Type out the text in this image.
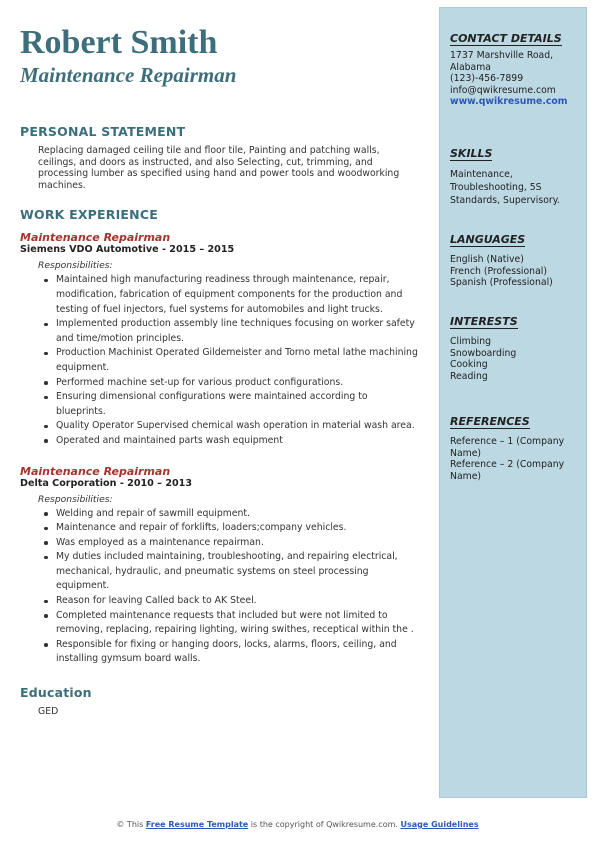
Robert Smith
Maintenance Repairman
PERSONAL STATEMENT

Replacing damaged ceiling tile and floor tile, Painting and patching walls, ceilings, and doors as instructed, and also Selecting, cut, trimming, and processing lumber as specified using hand and power tools and woodworking machines.

WORK EXPERIENCE

Maintenance Repairman

Siemens VDO Automotive - 2015 – 2015

Responsibilities:

Maintained high manufacturing readiness through maintenance, repair, modification, fabrication of equipment components for the production and testing of fuel injectors, fuel systems for automobiles and light trucks.
Implemented production assembly line techniques focusing on worker safety and time/motion principles.
Production Machinist Operated Gildemeister and Torno metal lathe machining equipment.
Performed machine set-up for various product configurations.
Ensuring dimensional configurations were maintained according to blueprints.
Quality Operator Supervised chemical wash operation in material wash area.
Operated and maintained parts wash equipment

Maintenance Repairman

Delta Corporation - 2010 – 2013

Responsibilities:

Welding and repair of sawmill equipment.
Maintenance and repair of forklifts, loaders;company vehicles.
Was employed as a maintenance repairman.
My duties included maintaining, troubleshooting, and repairing electrical, mechanical, hydraulic, and pneumatic systems on steel processing equipment.
Reason for leaving Called back to AK Steel.
Completed maintenance requests that included but were not limited to removing, replacing, repairing lighting, wiring swithes, receptical within the .
Responsible for fixing or hanging doors, locks, alarms, floors, ceiling, and installing gymsum board walls.
Education

GED

CONTACT DETAILS

1737 Marshville Road,

Alabama

(123)-456-7899

info@qwikresume.com

www.qwikresume.com

SKILLS

Maintenance, Troubleshooting, 5S Standards, Supervisory.

LANGUAGES

English (Native)

French (Professional)

Spanish (Professional)

INTERESTS

Climbing

Snowboarding

Cooking

Reading

REFERENCES

Reference – 1 (Company Name)

Reference – 2 (Company Name)

© This Free Resume Template is the copyright of Qwikresume.com. Usage Guidelines
